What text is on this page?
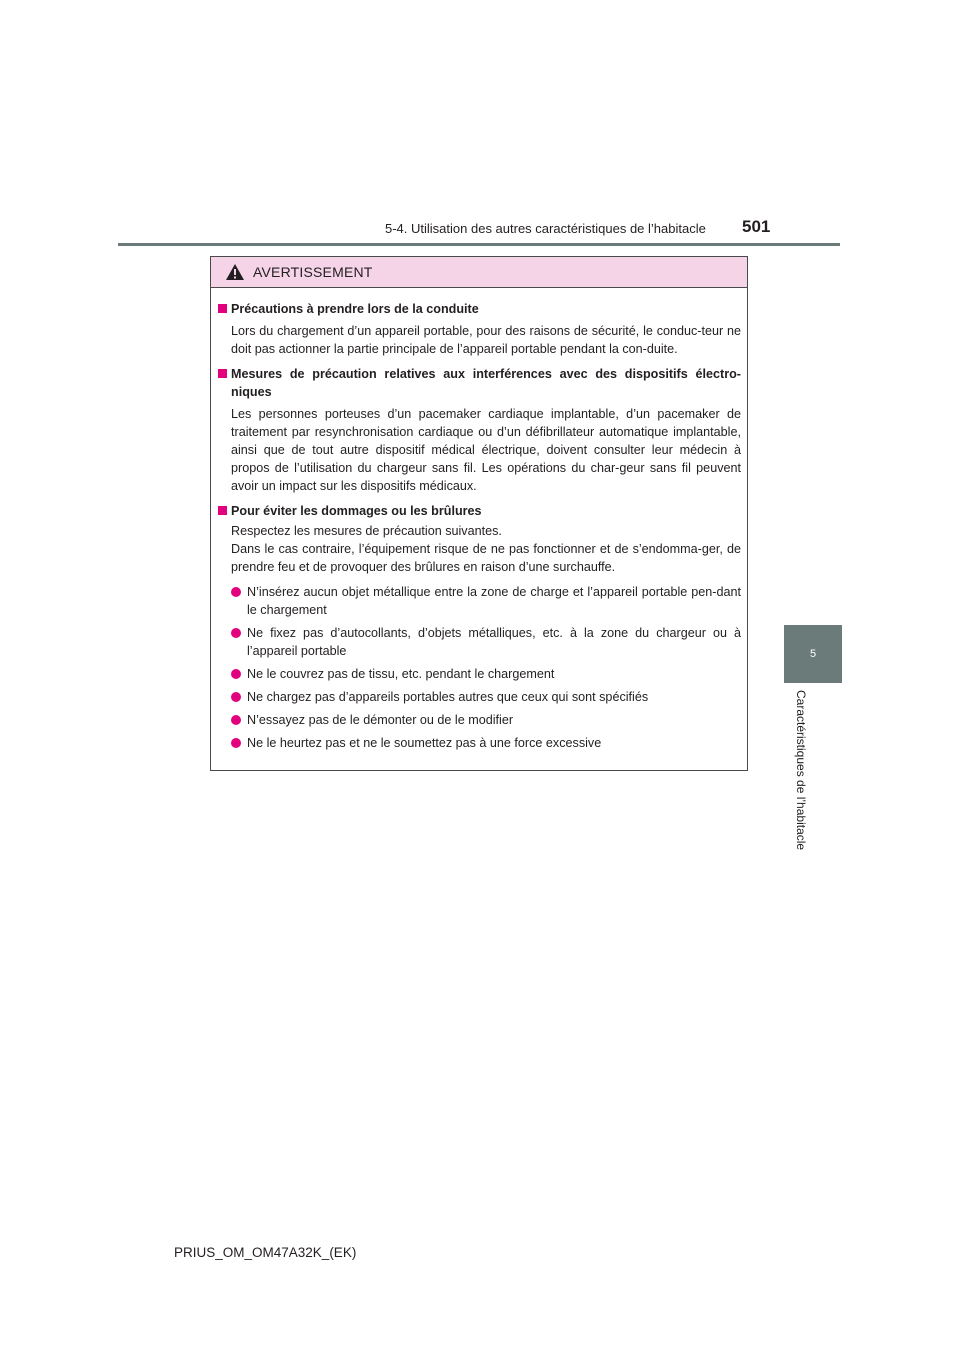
5-4. Utilisation des autres caractéristiques de l’habitacle 501
5
Caractéristiques de l’habitacle
AVERTISSEMENT
Précautions à prendre lors de la conduite
Lors du chargement d’un appareil portable, pour des raisons de sécurité, le conduc-teur ne doit pas actionner la partie principale de l’appareil portable pendant la con-duite.
Mesures de précaution relatives aux interférences avec des dispositifs électro-niques
Les personnes porteuses d’un pacemaker cardiaque implantable, d’un pacemaker de traitement par resynchronisation cardiaque ou d’un défibrillateur automatique implantable, ainsi que de tout autre dispositif médical électrique, doivent consulter leur médecin à propos de l’utilisation du chargeur sans fil. Les opérations du char-geur sans fil peuvent avoir un impact sur les dispositifs médicaux.
Pour éviter les dommages ou les brûlures
Respectez les mesures de précaution suivantes.
Dans le cas contraire, l’équipement risque de ne pas fonctionner et de s’endomma-ger, de prendre feu et de provoquer des brûlures en raison d’une surchauffe.
N’insérez aucun objet métallique entre la zone de charge et l’appareil portable pen-dant le chargement
Ne fixez pas d’autocollants, d’objets métalliques, etc. à la zone du chargeur ou à l’appareil portable
Ne le couvrez pas de tissu, etc. pendant le chargement
Ne chargez pas d’appareils portables autres que ceux qui sont spécifiés
N’essayez pas de le démonter ou de le modifier
Ne le heurtez pas et ne le soumettez pas à une force excessive
PRIUS_OM_OM47A32K_(EK)
